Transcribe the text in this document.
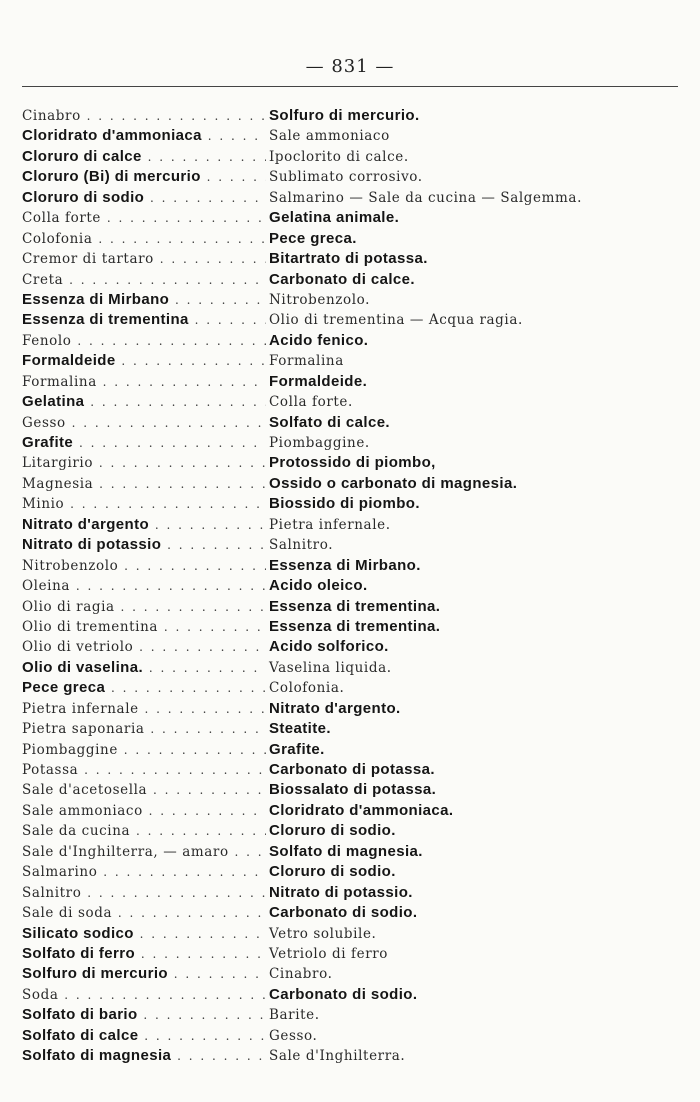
— 831 —
Cinabro . . .	Solfuro di mercurio.
Cloridrato d'ammoniaca . . .	Sale ammoniaco
Cloruro di calce . . .	Ipoclorito di calce.
Cloruro (Bi) di mercurio . . .	Sublimato corrosivo.
Cloruro di sodio . . .	Salmarino — Sale da cucina — Salgemma.
Colla forte . . .	Gelatina animale.
Colofonia . . .	Pece greca.
Cremor di tartaro . . .	Bitartrato di potassa.
Creta . . .	Carbonato di calce.
Essenza di Mirbano . . .	Nitrobenzolo.
Essenza di trementina . . .	Olio di trementina — Acqua ragia.
Fenolo . . .	Acido fenico.
Formaldeide . . .	Formalina
Formalina . . .	Formaldeide.
Gelatina . . .	Colla forte.
Gesso . . .	Solfato di calce.
Grafite . . .	Piombaggine.
Litargirio . . .	Protossido di piombo,
Magnesia . . .	Ossido o carbonato di magnesia.
Minio . . .	Biossido di piombo.
Nitrato d'argento . . .	Pietra infernale.
Nitrato di potassio . . .	Salnitro.
Nitrobenzolo . . .	Essenza di Mirbano.
Oleina . . .	Acido oleico.
Olio di ragia . . .	Essenza di trementina.
Olio di trementina . . .	Essenza di trementina.
Olio di vetriolo . . .	Acido solforico.
Olio di vaselina. . . .	Vaselina liquida.
Pece greca . . .	Colofonia.
Pietra infernale . . .	Nitrato d'argento.
Pietra saponaria . . .	Steatite.
Piombaggine . . .	Grafite.
Potassa . . .	Carbonato di potassa.
Sale d'acetosella . . .	Biossalato di potassa.
Sale ammoniaco . . .	Cloridrato d'ammoniaca.
Sale da cucina . . .	Cloruro di sodio.
Sale d'Inghilterra, — amaro . . .	Solfato di magnesia.
Salmarino . . .	Cloruro di sodio.
Salnitro . . .	Nitrato di potassio.
Sale di soda . . .	Carbonato di sodio.
Silicato sodico . . .	Vetro solubile.
Solfato di ferro . . .	Vetriolo di ferro
Solfuro di mercurio . . .	Cinabro.
Soda . . .	Carbonato di sodio.
Solfato di bario . . .	Barite.
Solfato di calce . . .	Gesso.
Solfato di magnesia . . .	Sale d'Inghilterra.
